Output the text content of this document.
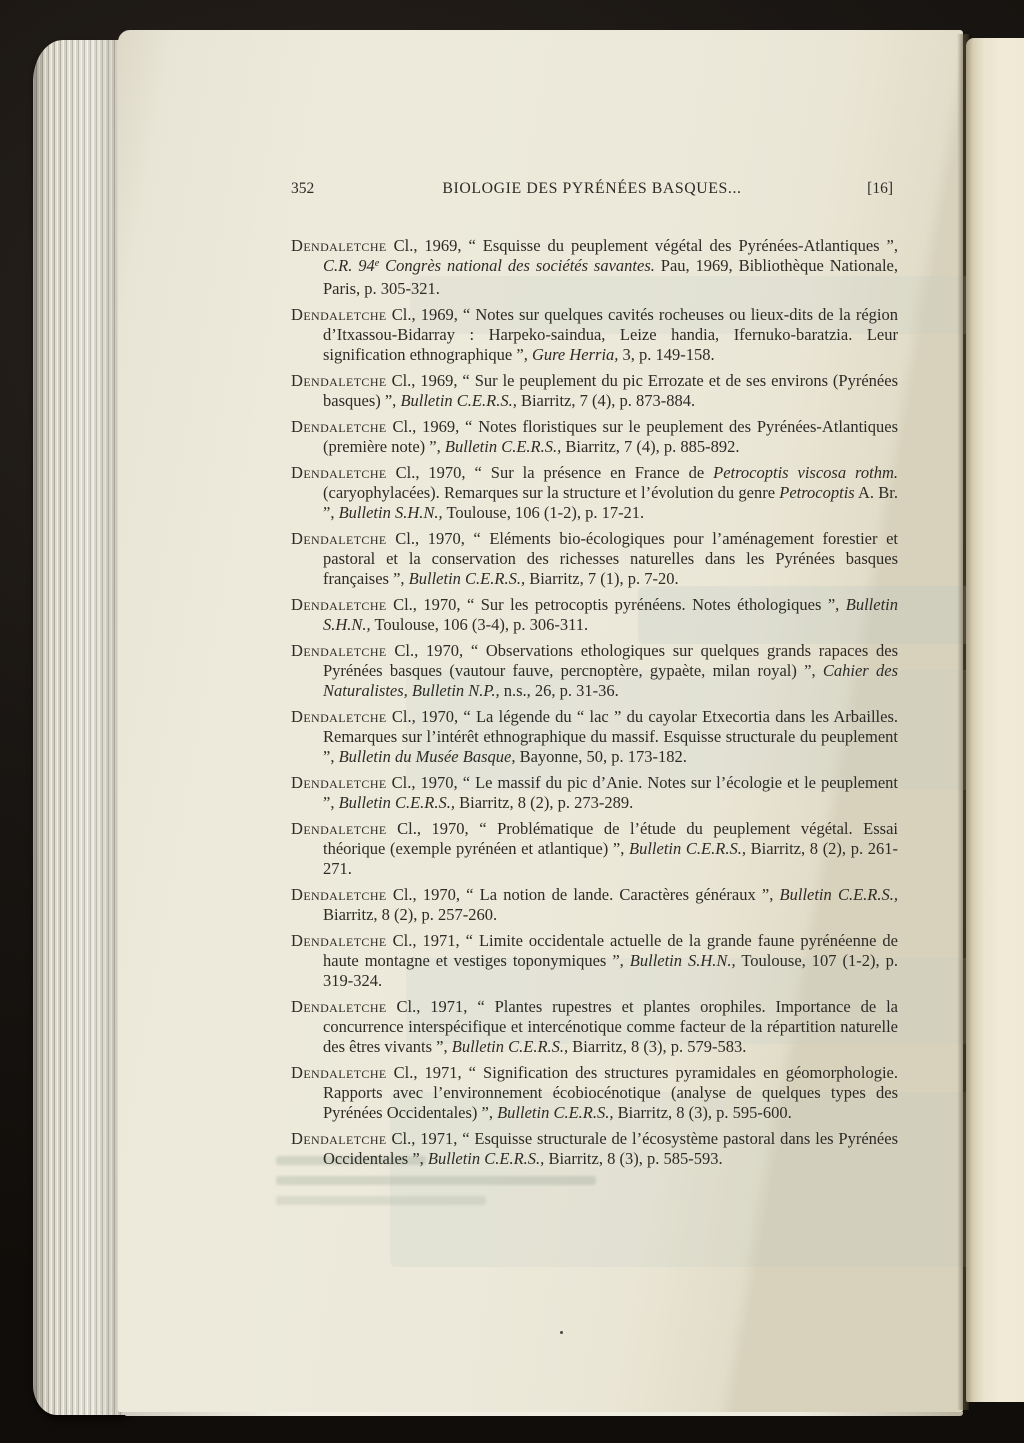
352	BIOLOGIE DES PYRÉNÉES BASQUES...	[16]

Dendaletche Cl., 1969, “ Esquisse du peuplement végétal des Pyrénées-Atlantiques ”, C.R. 94e Congrès national des sociétés savantes. Pau, 1969, Bibliothèque Nationale, Paris, p. 305-321.

Dendaletche Cl., 1969, “ Notes sur quelques cavités rocheuses ou lieux-dits de la région d’Itxassou-Bidarray : Harpeko-saindua, Leize handia, Ifernuko-baratzia. Leur signification ethnographique ”, Gure Herria, 3, p. 149-158.

Dendaletche Cl., 1969, “ Sur le peuplement du pic Errozate et de ses environs (Pyrénées basques) ”, Bulletin C.E.R.S., Biarritz, 7 (4), p. 873-884.

Dendaletche Cl., 1969, “ Notes floristiques sur le peuplement des Pyrénées-Atlantiques (première note) ”, Bulletin C.E.R.S., Biarritz, 7 (4), p. 885-892.

Dendaletche Cl., 1970, “ Sur la présence en France de Petrocoptis viscosa rothm. (caryophylacées). Remarques sur la structure et l’évolution du genre Petrocoptis A. Br. ”, Bulletin S.H.N., Toulouse, 106 (1-2), p. 17-21.

Dendaletche Cl., 1970, “ Eléments bio-écologiques pour l’aménagement forestier et pastoral et la conservation des richesses naturelles dans les Pyrénées basques françaises ”, Bulletin C.E.R.S., Biarritz, 7 (1), p. 7-20.

Dendaletche Cl., 1970, “ Sur les petrocoptis pyrénéens. Notes éthologiques ”, Bulletin S.H.N., Toulouse, 106 (3-4), p. 306-311.

Dendaletche Cl., 1970, “ Observations ethologiques sur quelques grands rapaces des Pyrénées basques (vautour fauve, percnoptère, gypaète, milan royal) ”, Cahier des Naturalistes, Bulletin N.P., n.s., 26, p. 31-36.

Dendaletche Cl., 1970, “ La légende du “ lac ” du cayolar Etxecortia dans les Arbailles. Remarques sur l’intérêt ethnographique du massif. Esquisse structurale du peuplement ”, Bulletin du Musée Basque, Bayonne, 50, p. 173-182.

Dendaletche Cl., 1970, “ Le massif du pic d’Anie. Notes sur l’écologie et le peuplement ”, Bulletin C.E.R.S., Biarritz, 8 (2), p. 273-289.

Dendaletche Cl., 1970, “ Problématique de l’étude du peuplement végétal. Essai théorique (exemple pyrénéen et atlantique) ”, Bulletin C.E.R.S., Biarritz, 8 (2), p. 261-271.

Dendaletche Cl., 1970, “ La notion de lande. Caractères généraux ”, Bulletin C.E.R.S., Biarritz, 8 (2), p. 257-260.

Dendaletche Cl., 1971, “ Limite occidentale actuelle de la grande faune pyrénéenne de haute montagne et vestiges toponymiques ”, Bulletin S.H.N., Toulouse, 107 (1-2), p. 319-324.

Dendaletche Cl., 1971, “ Plantes rupestres et plantes orophiles. Importance de la concurrence interspécifique et intercénotique comme facteur de la répartition naturelle des êtres vivants ”, Bulletin C.E.R.S., Biarritz, 8 (3), p. 579-583.

Dendaletche Cl., 1971, “ Signification des structures pyramidales en géomorphologie. Rapports avec l’environnement écobiocénotique (analyse de quelques types des Pyrénées Occidentales) ”, Bulletin C.E.R.S., Biarritz, 8 (3), p. 595-600.

Dendaletche Cl., 1971, “ Esquisse structurale de l’écosystème pastoral dans les Pyrénées Occidentales ”, Bulletin C.E.R.S., Biarritz, 8 (3), p. 585-593.
